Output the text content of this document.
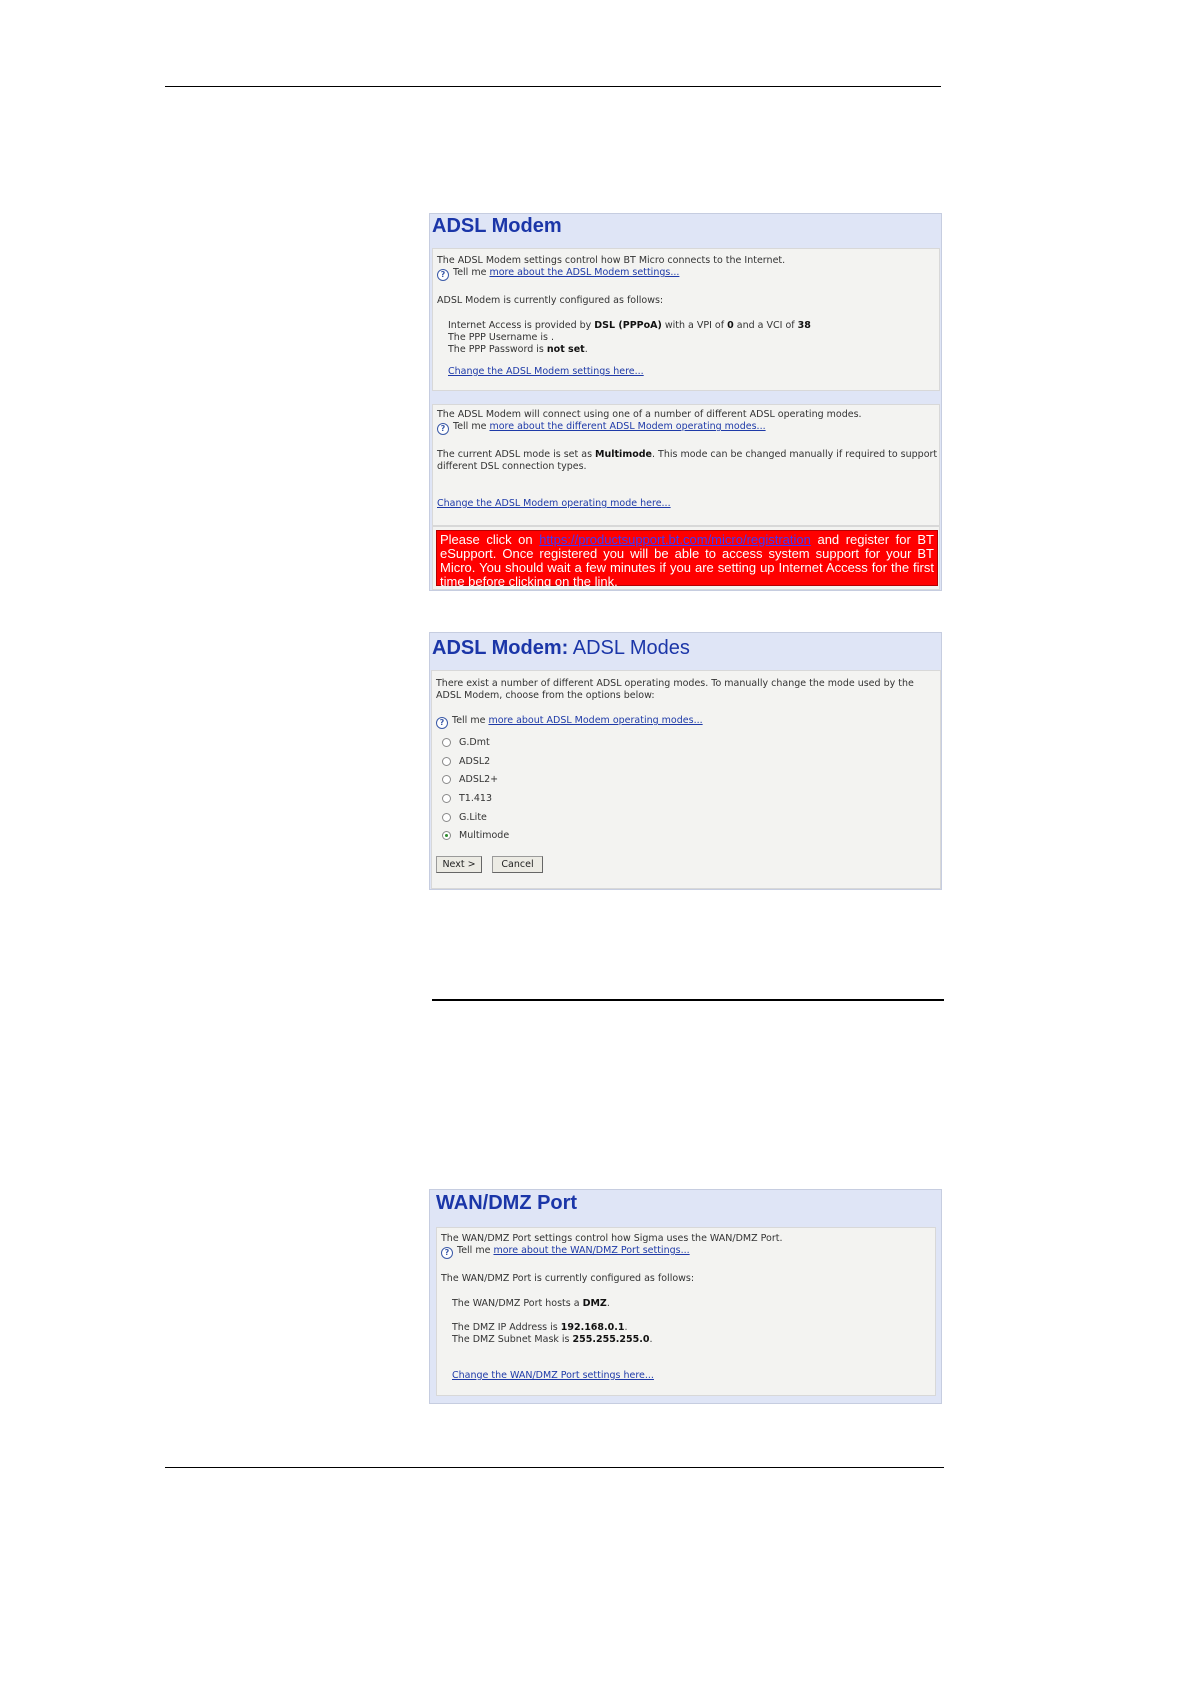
ADSL Modem
The ADSL Modem settings control how BT Micro connects to the Internet.
? Tell me more about the ADSL Modem settings...
ADSL Modem is currently configured as follows:
Internet Access is provided by DSL (PPPoA) with a VPI of 0 and a VCI of 38
The PPP Username is .
The PPP Password is not set.
Change the ADSL Modem settings here...
The ADSL Modem will connect using one of a number of different ADSL operating modes.
? Tell me more about the different ADSL Modem operating modes...
The current ADSL mode is set as Multimode. This mode can be changed manually if required to support
different DSL connection types.
Change the ADSL Modem operating mode here...
Please click on https://productsupport.bt.com/micro/registration and register for BT eSupport. Once registered you will be able to access system support for your BT Micro. You should wait a few minutes if you are setting up Internet Access for the first time before clicking on the link.
ADSL Modem: ADSL Modes
There exist a number of different ADSL operating modes. To manually change the mode used by the
ADSL Modem, choose from the options below:
? Tell me more about ADSL Modem operating modes...
G.Dmt
ADSL2
ADSL2+
T1.413
G.Lite
Multimode
Next >	Cancel
WAN/DMZ Port
The WAN/DMZ Port settings control how Sigma uses the WAN/DMZ Port.
? Tell me more about the WAN/DMZ Port settings...
The WAN/DMZ Port is currently configured as follows:
The WAN/DMZ Port hosts a DMZ.
The DMZ IP Address is 192.168.0.1.
The DMZ Subnet Mask is 255.255.255.0.
Change the WAN/DMZ Port settings here...
